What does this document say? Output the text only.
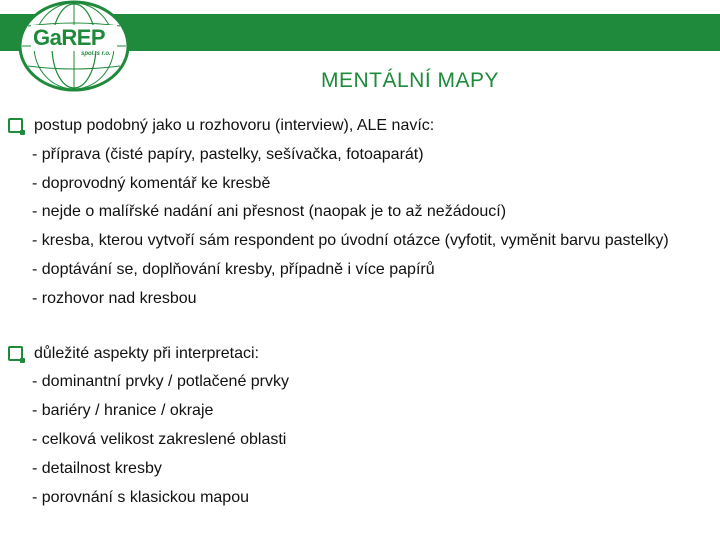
GaREP
spol. s r.o.
MENTÁLNÍ MAPY
postup podobný jako u rozhovoru (interview), ALE navíc:
- příprava (čisté papíry, pastelky, sešívačka, fotoaparát)
- doprovodný komentář ke kresbě
- nejde o malířské nadání ani přesnost (naopak je to až nežádoucí)
- kresba, kterou vytvoří sám respondent po úvodní otázce (vyfotit, vyměnit barvu pastelky)
- doptávání se, doplňování kresby, případně i více papírů
- rozhovor nad kresbou
důležité aspekty při interpretaci:
- dominantní prvky / potlačené prvky
- bariéry / hranice / okraje
- celková velikost zakreslené oblasti
- detailnost kresby
- porovnání s klasickou mapou
